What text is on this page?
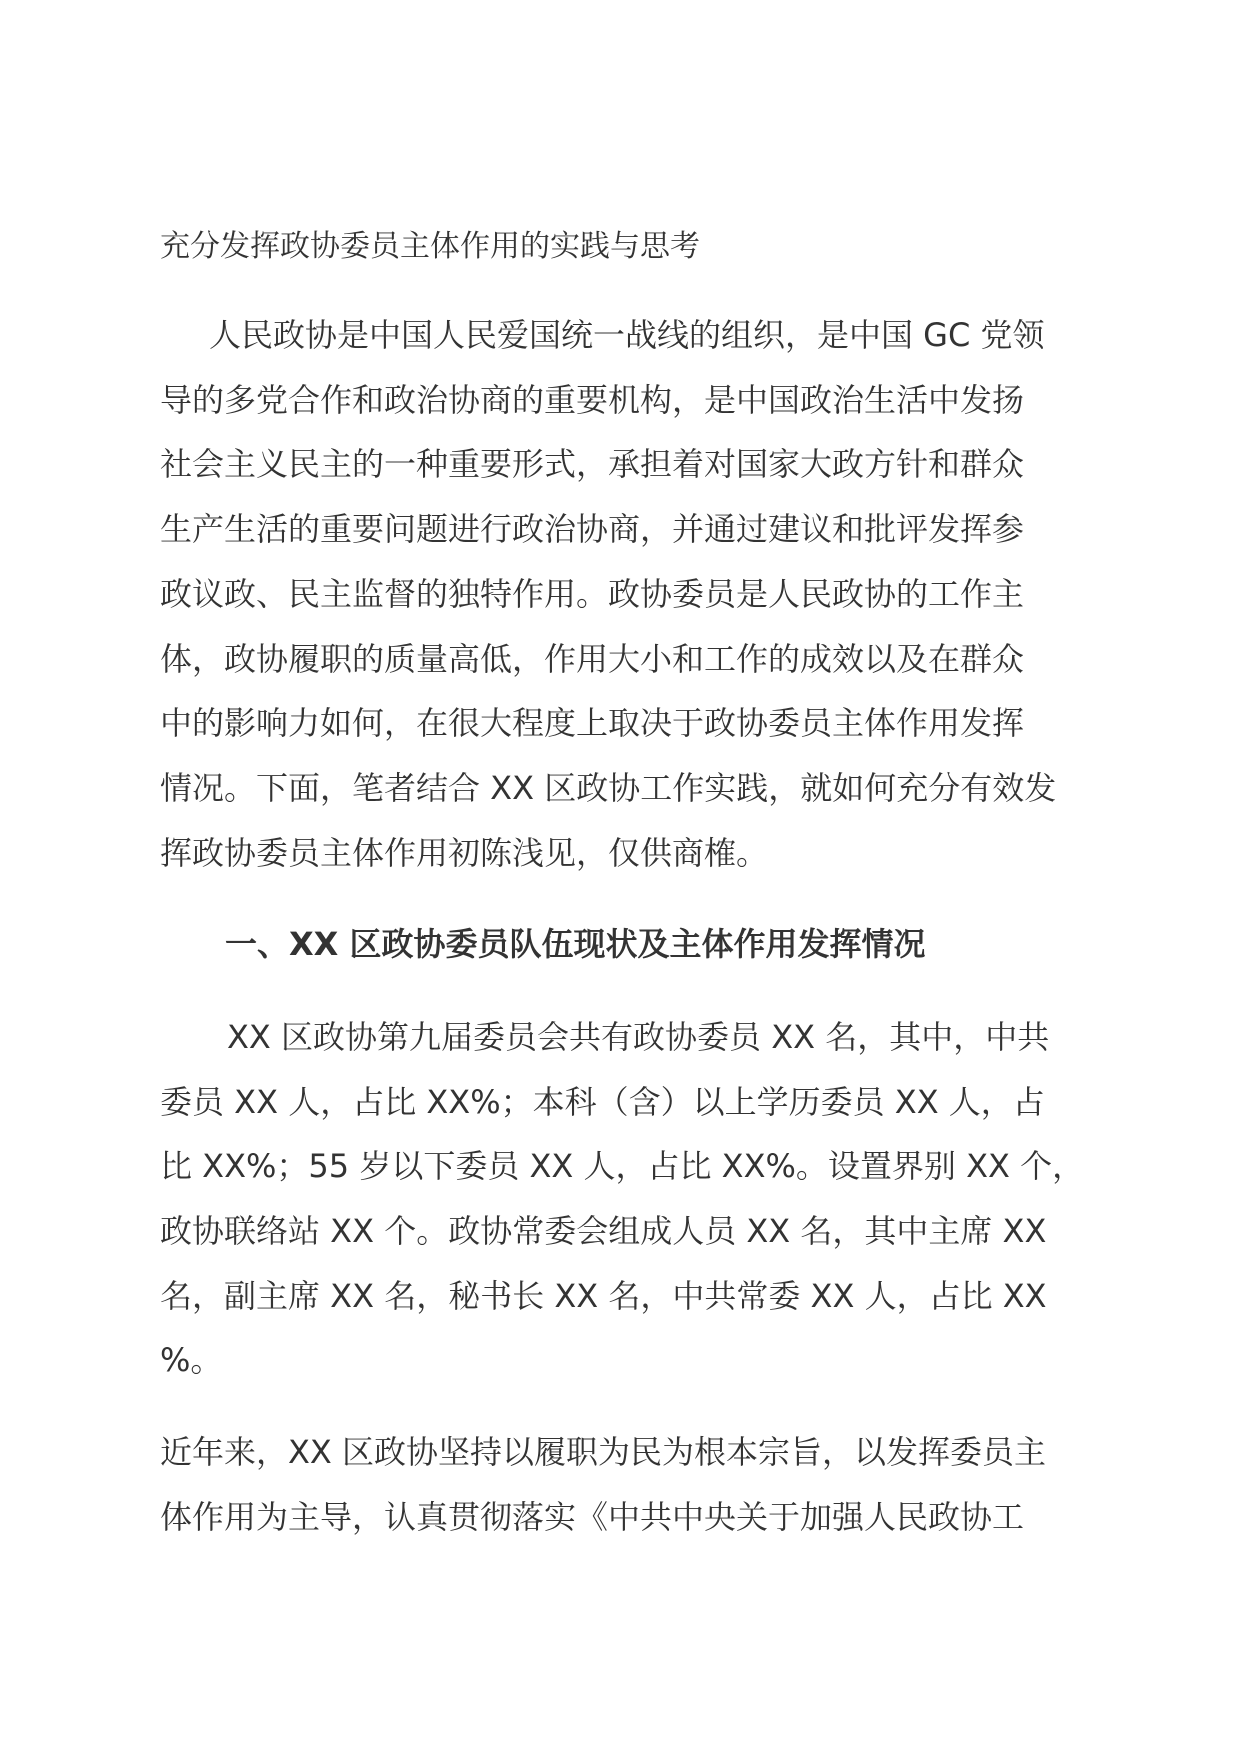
充分发挥政协委员主体作用的实践与思考
人民政协是中国人民爱国统一战线的组织，是中国 GC 党领
导的多党合作和政治协商的重要机构，是中国政治生活中发扬
社会主义民主的一种重要形式，承担着对国家大政方针和群众
生产生活的重要问题进行政治协商，并通过建议和批评发挥参
政议政、民主监督的独特作用。政协委员是人民政协的工作主
体，政协履职的质量高低，作用大小和工作的成效以及在群众
中的影响力如何，在很大程度上取决于政协委员主体作用发挥
情况。下面，笔者结合 XX 区政协工作实践，就如何充分有效发
挥政协委员主体作用初陈浅见，仅供商榷。
一、XX 区政协委员队伍现状及主体作用发挥情况
XX 区政协第九届委员会共有政协委员 XX 名，其中，中共
委员 XX 人，占比 XX%；本科（含）以上学历委员 XX 人，占
比 XX%；55 岁以下委员 XX 人，占比 XX%。设置界别 XX 个，
政协联络站 XX 个。政协常委会组成人员 XX 名，其中主席 XX
名，副主席 XX 名，秘书长 XX 名，中共常委 XX 人，占比 XX
%。
近年来，XX 区政协坚持以履职为民为根本宗旨，以发挥委员主
体作用为主导，认真贯彻落实《中共中央关于加强人民政协工
